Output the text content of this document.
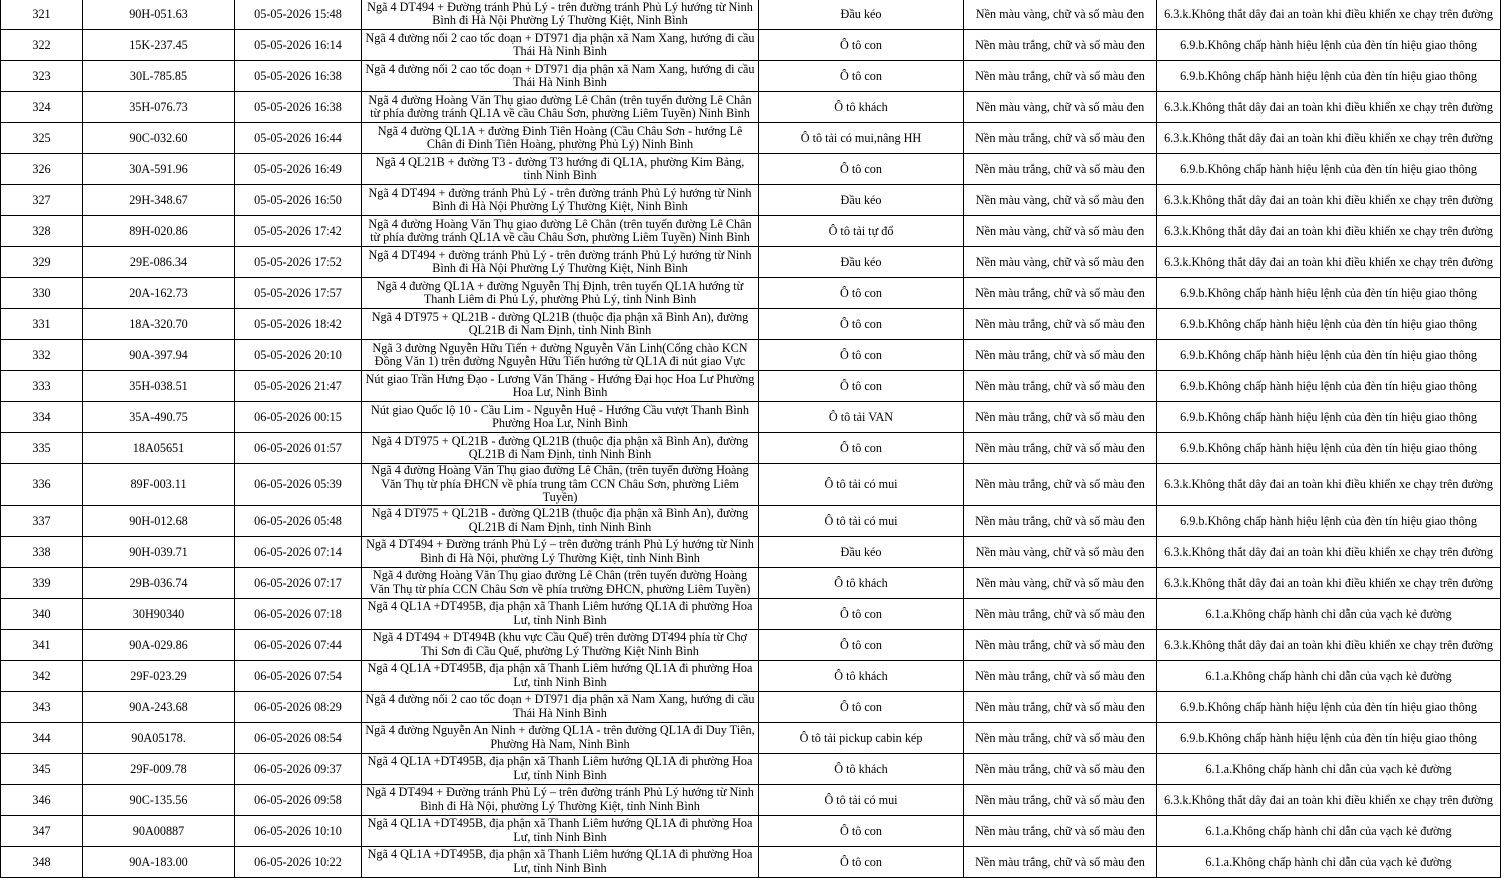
321	90H-051.63	05-05-2026 15:48	Ngã 4 DT494 + Đường tránh Phủ Lý - trên đường tránh Phủ Lý hướng từ Ninh Bình đi Hà Nội Phường Lý Thường Kiệt, Ninh Bình	Đầu kéo	Nền màu vàng, chữ và số màu đen	6.3.k.Không thắt dây đai an toàn khi điều khiển xe chạy trên đường
322	15K-237.45	05-05-2026 16:14	Ngã 4 đường nối 2 cao tốc đoạn + DT971 địa phận xã Nam Xang, hướng đi cầu Thái Hà Ninh Bình	Ô tô con	Nền màu trắng, chữ và số màu đen	6.9.b.Không chấp hành hiệu lệnh của đèn tín hiệu giao thông
323	30L-785.85	05-05-2026 16:38	Ngã 4 đường nối 2 cao tốc đoạn + DT971 địa phận xã Nam Xang, hướng đi cầu Thái Hà Ninh Bình	Ô tô con	Nền màu trắng, chữ và số màu đen	6.9.b.Không chấp hành hiệu lệnh của đèn tín hiệu giao thông
324	35H-076.73	05-05-2026 16:38	Ngã 4 đường Hoàng Văn Thụ giao đường Lê Chân (trên tuyến đường Lê Chân từ phía đường tránh QL1A về cầu Châu Sơn, phường Liêm Tuyền) Ninh Bình	Ô tô khách	Nền màu vàng, chữ và số màu đen	6.3.k.Không thắt dây đai an toàn khi điều khiển xe chạy trên đường
325	90C-032.60	05-05-2026 16:44	Ngã 4 đường QL1A + đường Đinh Tiên Hoàng (Cầu Châu Sơn - hướng Lê Chân đi Đinh Tiên Hoàng, phường Phủ Lý) Ninh Bình	Ô tô tải có mui,nâng HH	Nền màu trắng, chữ và số màu đen	6.3.k.Không thắt dây đai an toàn khi điều khiển xe chạy trên đường
326	30A-591.96	05-05-2026 16:49	Ngã 4 QL21B + đường T3 - đường T3 hướng đi QL1A, phường Kim Bảng, tỉnh Ninh Bình	Ô tô con	Nền màu trắng, chữ và số màu đen	6.9.b.Không chấp hành hiệu lệnh của đèn tín hiệu giao thông
327	29H-348.67	05-05-2026 16:50	Ngã 4 DT494 + đường tránh Phủ Lý - trên đường tránh Phủ Lý hướng từ Ninh Bình đi Hà Nội Phường Lý Thường Kiệt, Ninh Bình	Đầu kéo	Nền màu vàng, chữ và số màu đen	6.3.k.Không thắt dây đai an toàn khi điều khiển xe chạy trên đường
328	89H-020.86	05-05-2026 17:42	Ngã 4 đường Hoàng Văn Thụ giao đường Lê Chân (trên tuyến đường Lê Chân từ phía đường tránh QL1A về cầu Châu Sơn, phường Liêm Tuyền) Ninh Bình	Ô tô tải tự đổ	Nền màu vàng, chữ và số màu đen	6.3.k.Không thắt dây đai an toàn khi điều khiển xe chạy trên đường
329	29E-086.34	05-05-2026 17:52	Ngã 4 DT494 + đường tránh Phủ Lý - trên đường tránh Phủ Lý hướng từ Ninh Bình đi Hà Nội Phường Lý Thường Kiệt, Ninh Bình	Đầu kéo	Nền màu vàng, chữ và số màu đen	6.3.k.Không thắt dây đai an toàn khi điều khiển xe chạy trên đường
330	20A-162.73	05-05-2026 17:57	Ngã 4 đường QL1A + đường Nguyễn Thị Định, trên tuyến QL1A hướng từ Thanh Liêm đi Phủ Lý, phường Phủ Lý, tỉnh Ninh Bình	Ô tô con	Nền màu trắng, chữ và số màu đen	6.9.b.Không chấp hành hiệu lệnh của đèn tín hiệu giao thông
331	18A-320.70	05-05-2026 18:42	Ngã 4 DT975 + QL21B - đường QL21B (thuộc địa phận xã Bình An), đường QL21B đi Nam Định, tỉnh Ninh Bình	Ô tô con	Nền màu trắng, chữ và số màu đen	6.9.b.Không chấp hành hiệu lệnh của đèn tín hiệu giao thông
332	90A-397.94	05-05-2026 20:10	Ngã 3 đường Nguyễn Hữu Tiến + đường Nguyễn Văn Linh(Cổng chào KCN Đồng Văn 1) trên đường Nguyễn Hữu Tiến hướng từ QL1A đi nút giao Vực	Ô tô con	Nền màu trắng, chữ và số màu đen	6.9.b.Không chấp hành hiệu lệnh của đèn tín hiệu giao thông
333	35H-038.51	05-05-2026 21:47	Nút giao Trần Hưng Đạo - Lương Văn Thăng - Hướng Đại học Hoa Lư Phường Hoa Lư, Ninh Bình	Ô tô con	Nền màu trắng, chữ và số màu đen	6.9.b.Không chấp hành hiệu lệnh của đèn tín hiệu giao thông
334	35A-490.75	06-05-2026 00:15	Nút giao Quốc lộ 10 - Cầu Lim - Nguyễn Huệ - Hướng Cầu vượt Thanh Bình Phường Hoa Lư, Ninh Bình	Ô tô tải VAN	Nền màu trắng, chữ và số màu đen	6.9.b.Không chấp hành hiệu lệnh của đèn tín hiệu giao thông
335	18A05651	06-05-2026 01:57	Ngã 4 DT975 + QL21B - đường QL21B (thuộc địa phận xã Bình An), đường QL21B đi Nam Định, tỉnh Ninh Bình	Ô tô con	Nền màu trắng, chữ và số màu đen	6.9.b.Không chấp hành hiệu lệnh của đèn tín hiệu giao thông
336	89F-003.11	06-05-2026 05:39	Ngã 4 đường Hoàng Văn Thụ giao đường Lê Chân, (trên tuyến đường Hoàng Văn Thụ từ phía ĐHCN về phía trung tâm CCN Châu Sơn, phường Liêm Tuyền)	Ô tô tải có mui	Nền màu trắng, chữ và số màu đen	6.3.k.Không thắt dây đai an toàn khi điều khiển xe chạy trên đường
337	90H-012.68	06-05-2026 05:48	Ngã 4 DT975 + QL21B - đường QL21B (thuộc địa phận xã Bình An), đường QL21B đi Nam Định, tỉnh Ninh Bình	Ô tô tải có mui	Nền màu trắng, chữ và số màu đen	6.9.b.Không chấp hành hiệu lệnh của đèn tín hiệu giao thông
338	90H-039.71	06-05-2026 07:14	Ngã 4 DT494 + Đường tránh Phủ Lý – trên đường tránh Phủ Lý hướng từ Ninh Bình đi Hà Nội, phường Lý Thường Kiệt, tỉnh Ninh Bình	Đầu kéo	Nền màu vàng, chữ và số màu đen	6.3.k.Không thắt dây đai an toàn khi điều khiển xe chạy trên đường
339	29B-036.74	06-05-2026 07:17	Ngã 4 đường Hoàng Văn Thụ giao đường Lê Chân (trên tuyến đường Hoàng Văn Thụ từ phía CCN Châu Sơn về phía trường ĐHCN, phường Liêm Tuyền)	Ô tô khách	Nền màu vàng, chữ và số màu đen	6.3.k.Không thắt dây đai an toàn khi điều khiển xe chạy trên đường
340	30H90340	06-05-2026 07:18	Ngã 4 QL1A +DT495B, địa phận xã Thanh Liêm hướng QL1A đi phường Hoa Lư, tỉnh Ninh Bình	Ô tô con	Nền màu trắng, chữ và số màu đen	6.1.a.Không chấp hành chỉ dẫn của vạch kẻ đường
341	90A-029.86	06-05-2026 07:44	Ngã 4 DT494 + DT494B (khu vực Cầu Quế) trên đường DT494 phía từ Chợ Thi Sơn đi Cầu Quế, phường Lý Thường Kiệt Ninh Bình	Ô tô con	Nền màu trắng, chữ và số màu đen	6.3.k.Không thắt dây đai an toàn khi điều khiển xe chạy trên đường
342	29F-023.29	06-05-2026 07:54	Ngã 4 QL1A +DT495B, địa phận xã Thanh Liêm hướng QL1A đi phường Hoa Lư, tỉnh Ninh Bình	Ô tô khách	Nền màu trắng, chữ và số màu đen	6.1.a.Không chấp hành chỉ dẫn của vạch kẻ đường
343	90A-243.68	06-05-2026 08:29	Ngã 4 đường nối 2 cao tốc đoạn + DT971 địa phận xã Nam Xang, hướng đi cầu Thái Hà Ninh Bình	Ô tô con	Nền màu trắng, chữ và số màu đen	6.9.b.Không chấp hành hiệu lệnh của đèn tín hiệu giao thông
344	90A05178.	06-05-2026 08:54	Ngã 4 đường Nguyễn An Ninh + đường QL1A - trên đường QL1A đi Duy Tiên, Phường Hà Nam, Ninh Bình	Ô tô tải pickup cabin kép	Nền màu trắng, chữ và số màu đen	6.9.b.Không chấp hành hiệu lệnh của đèn tín hiệu giao thông
345	29F-009.78	06-05-2026 09:37	Ngã 4 QL1A +DT495B, địa phận xã Thanh Liêm hướng QL1A đi phường Hoa Lư, tỉnh Ninh Bình	Ô tô khách	Nền màu trắng, chữ và số màu đen	6.1.a.Không chấp hành chỉ dẫn của vạch kẻ đường
346	90C-135.56	06-05-2026 09:58	Ngã 4 DT494 + Đường tránh Phủ Lý – trên đường tránh Phủ Lý hướng từ Ninh Bình đi Hà Nội, phường Lý Thường Kiệt, tỉnh Ninh Bình	Ô tô tải có mui	Nền màu trắng, chữ và số màu đen	6.3.k.Không thắt dây đai an toàn khi điều khiển xe chạy trên đường
347	90A00887	06-05-2026 10:10	Ngã 4 QL1A +DT495B, địa phận xã Thanh Liêm hướng QL1A đi phường Hoa Lư, tỉnh Ninh Bình	Ô tô con	Nền màu trắng, chữ và số màu đen	6.1.a.Không chấp hành chỉ dẫn của vạch kẻ đường
348	90A-183.00	06-05-2026 10:22	Ngã 4 QL1A +DT495B, địa phận xã Thanh Liêm hướng QL1A đi phường Hoa Lư, tỉnh Ninh Bình	Ô tô con	Nền màu trắng, chữ và số màu đen	6.1.a.Không chấp hành chỉ dẫn của vạch kẻ đường
